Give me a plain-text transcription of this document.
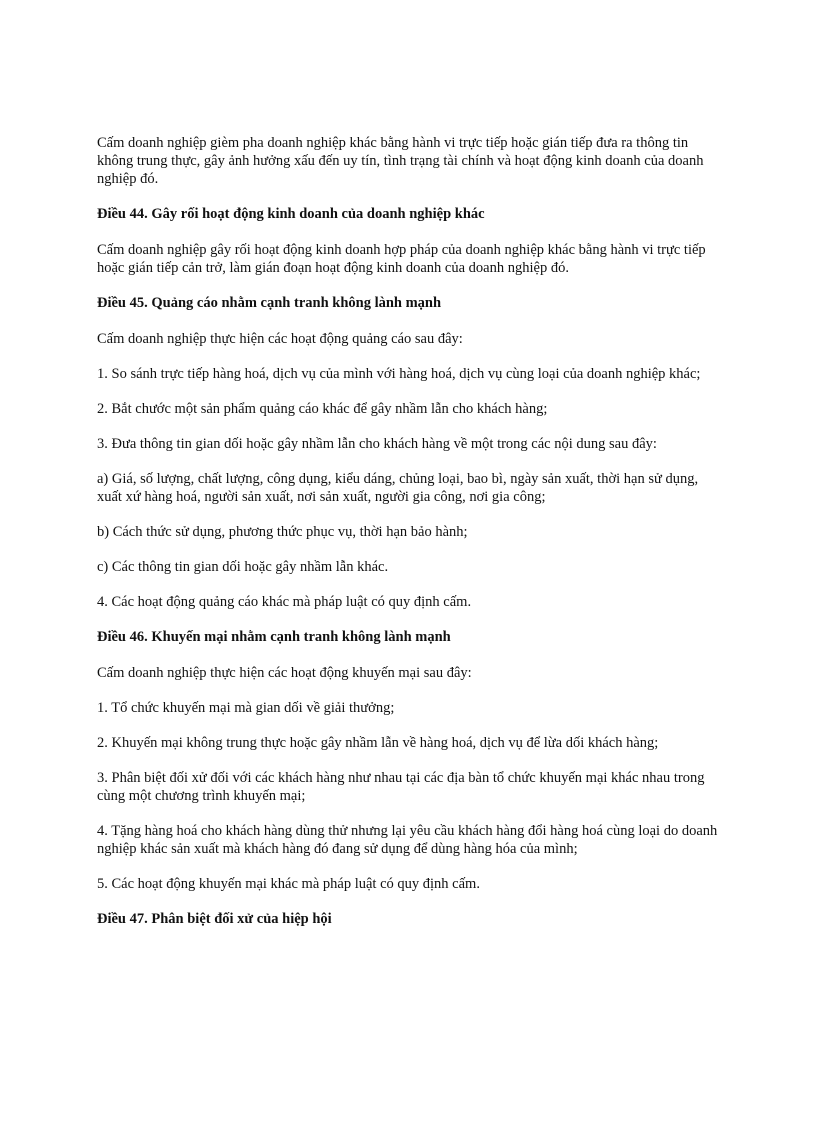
Cấm doanh nghiệp gièm pha doanh nghiệp khác bằng hành vi trực tiếp hoặc gián tiếp đưa ra thông tin không trung thực, gây ảnh hưởng xấu đến uy tín, tình trạng tài chính và hoạt động kinh doanh của doanh nghiệp đó.

Điều 44. Gây rối hoạt động kinh doanh của doanh nghiệp khác

Cấm doanh nghiệp gây rối hoạt động kinh doanh hợp pháp của doanh nghiệp khác bằng hành vi trực tiếp hoặc gián tiếp cản trở, làm gián đoạn hoạt động kinh doanh của doanh nghiệp đó.

Điều 45. Quảng cáo nhằm cạnh tranh không lành mạnh

Cấm doanh nghiệp thực hiện các hoạt động quảng cáo sau đây:

1. So sánh trực tiếp hàng hoá, dịch vụ của mình với hàng hoá, dịch vụ cùng loại của doanh nghiệp khác;

2. Bắt chước một sản phẩm quảng cáo khác để gây nhầm lẫn cho khách hàng;

3. Đưa thông tin gian dối hoặc gây nhầm lẫn cho khách hàng về một trong các nội dung sau đây:

a) Giá, số lượng, chất lượng, công dụng, kiểu dáng, chủng loại, bao bì, ngày sản xuất, thời hạn sử dụng, xuất xứ hàng hoá, người sản xuất, nơi sản xuất, người gia công, nơi gia công;

b) Cách thức sử dụng, phương thức phục vụ, thời hạn bảo hành;

c) Các thông tin gian dối hoặc gây nhầm lẫn khác.

4. Các hoạt động quảng cáo khác mà pháp luật có quy định cấm.

Điều 46. Khuyến mại nhằm cạnh tranh không lành mạnh

Cấm doanh nghiệp thực hiện các hoạt động khuyến mại sau đây:

1. Tổ chức khuyến mại mà gian dối về giải thưởng;

2. Khuyến mại không trung thực hoặc gây nhầm lẫn về hàng hoá, dịch vụ để lừa dối khách hàng;

3. Phân biệt đối xử đối với các khách hàng như nhau tại các địa bàn tổ chức khuyến mại khác nhau trong cùng một chương trình khuyến mại;

4. Tặng hàng hoá cho khách hàng dùng thử nhưng lại yêu cầu khách hàng đổi hàng hoá cùng loại do doanh nghiệp khác sản xuất mà khách hàng đó đang sử dụng để dùng hàng hóa của mình;

5. Các hoạt động khuyến mại khác mà pháp luật có quy định cấm.

Điều 47. Phân biệt đối xử của hiệp hội
